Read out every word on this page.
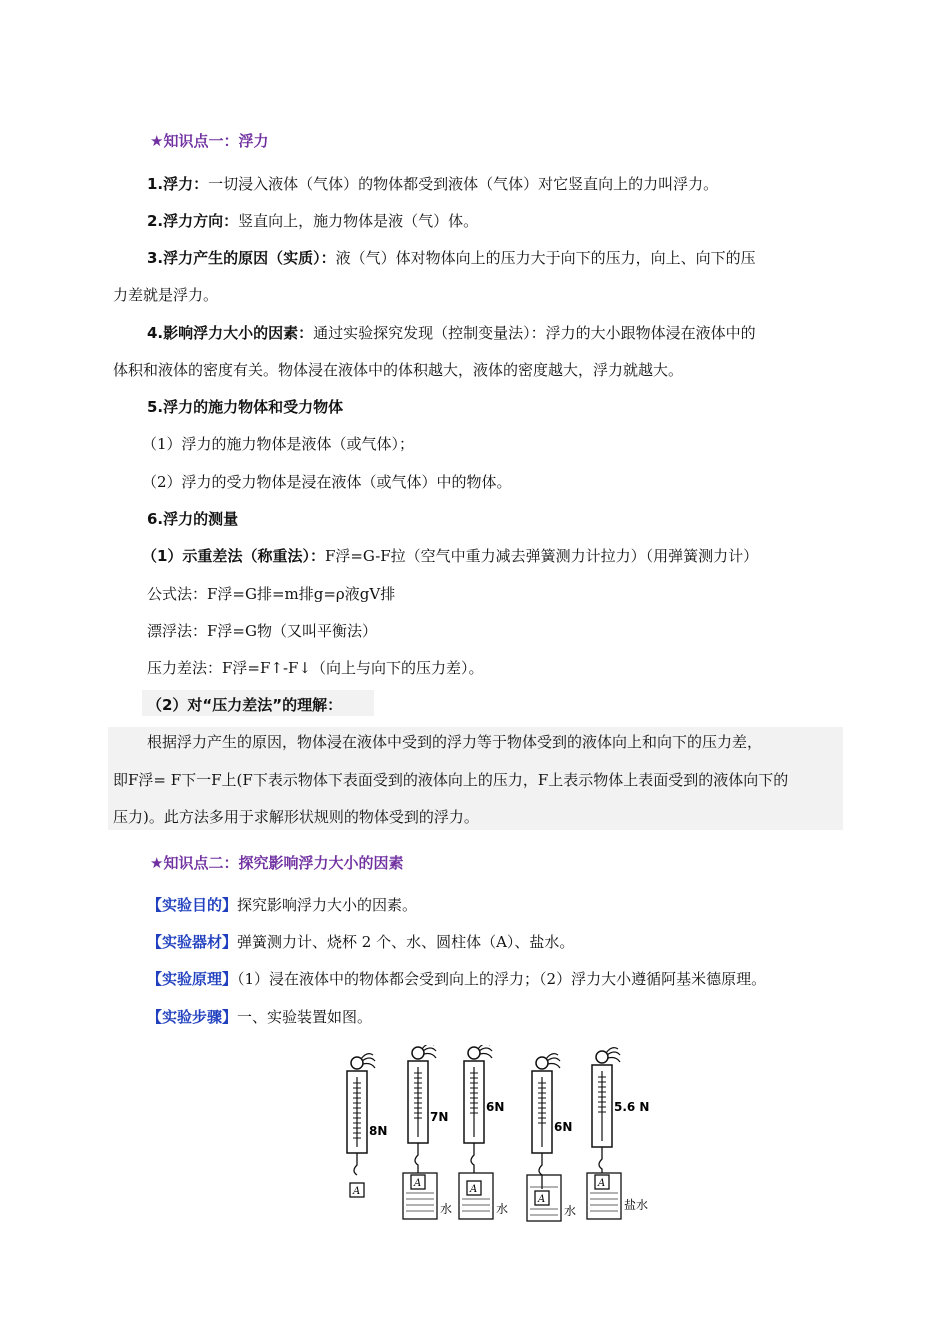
★知识点一：浮力
1.浮力：一切浸入液体（气体）的物体都受到液体（气体）对它竖直向上的力叫浮力。
2.浮力方向：竖直向上，施力物体是液（气）体。
3.浮力产生的原因（实质）：液（气）体对物体向上的压力大于向下的压力，向上、向下的压
力差就是浮力。
4.影响浮力大小的因素：通过实验探究发现（控制变量法）：浮力的大小跟物体浸在液体中的
体积和液体的密度有关。物体浸在液体中的体积越大，液体的密度越大，浮力就越大。
5.浮力的施力物体和受力物体
（1）浮力的施力物体是液体（或气体）；
（2）浮力的受力物体是浸在液体（或气体）中的物体。
6.浮力的测量
（1）示重差法（称重法）：F浮=G-F拉（空气中重力减去弹簧测力计拉力）（用弹簧测力计）
公式法：F浮=G排=m排g=ρ液gV排
漂浮法：F浮=G物（又叫平衡法）
压力差法：F浮=F↑-F↓（向上与向下的压力差）。
（2）对“压力差法”的理解：
根据浮力产生的原因，物体浸在液体中受到的浮力等于物体受到的液体向上和向下的压力差，
即F浮= F下一F上(F下表示物体下表面受到的液体向上的压力，F上表示物体上表面受到的液体向下的
压力)。此方法多用于求解形状规则的物体受到的浮力。
★知识点二：探究影响浮力大小的因素
【实验目的】探究影响浮力大小的因素。
【实验器材】弹簧测力计、烧杯 2 个、水、圆柱体（A）、盐水。
【实验原理】（1）浸在液体中的物体都会受到向上的浮力；（2）浮力大小遵循阿基米德原理。
【实验步骤】一、实验装置如图。
8N
A
7N
A
水
6N
A
水
6N
A
水
5.6 N
A
盐水
